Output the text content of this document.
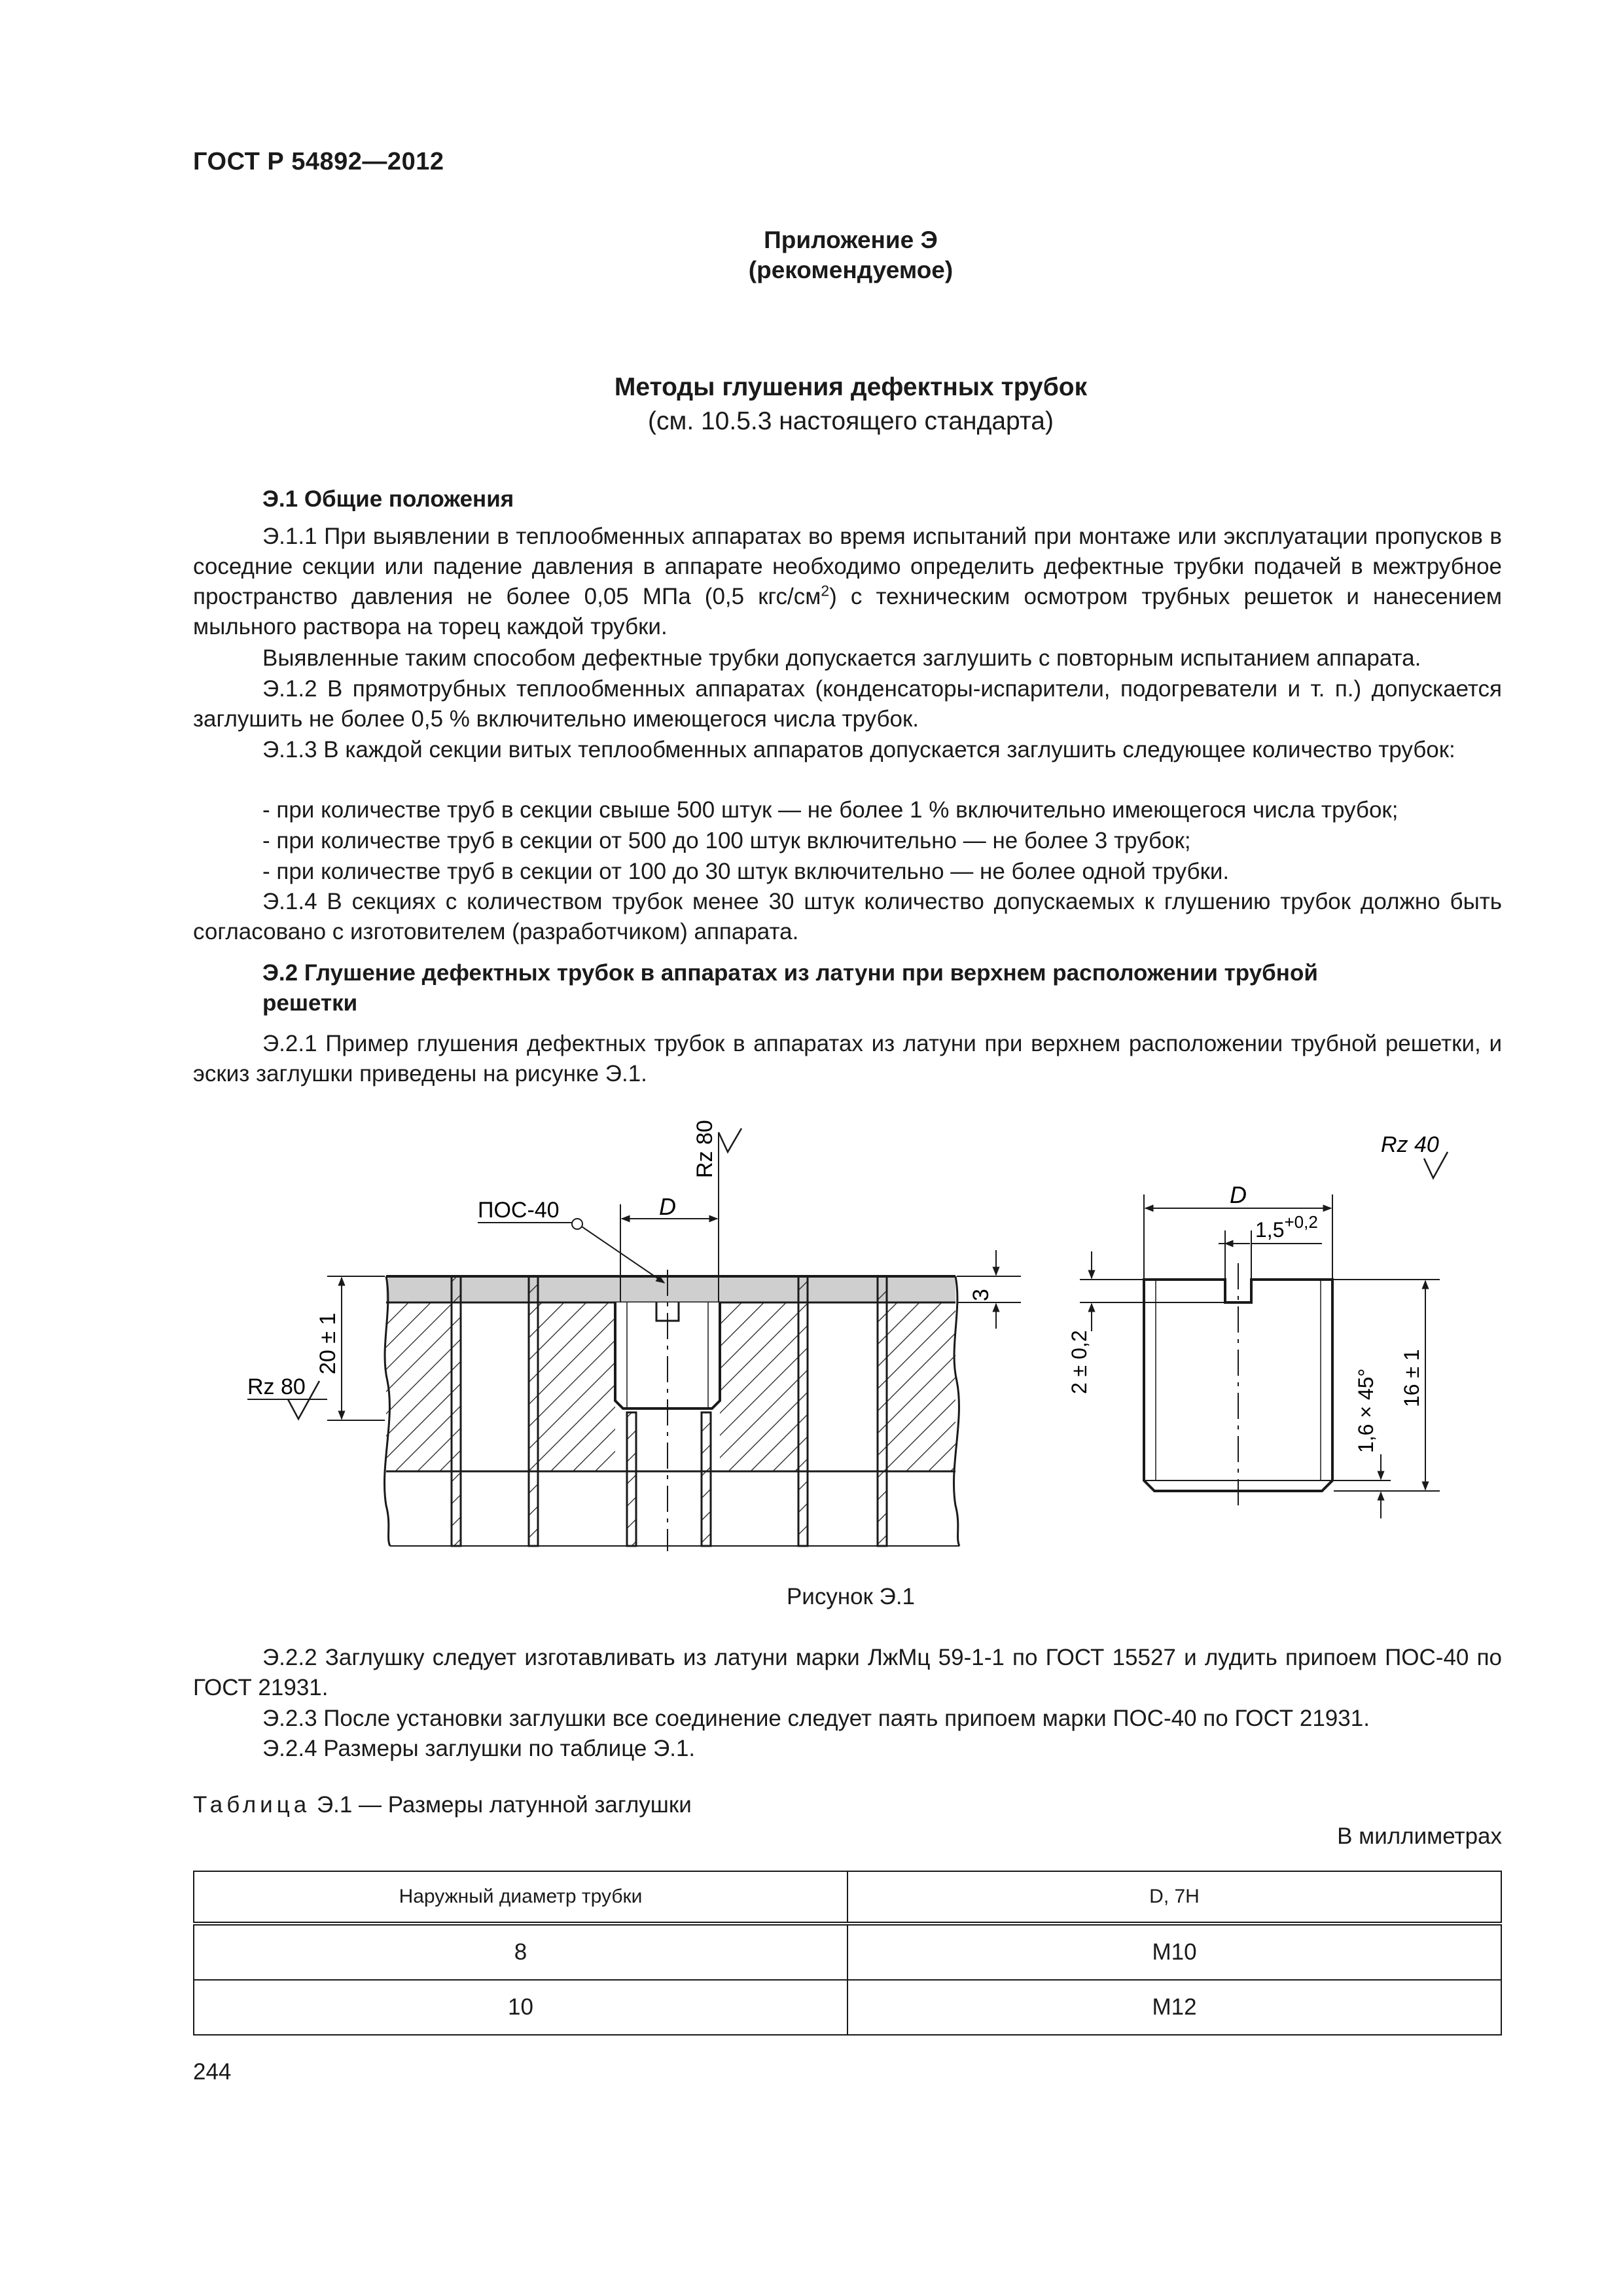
ГОСТ Р 54892—2012
Приложение Э
(рекомендуемое)
Методы глушения дефектных трубок
(см. 10.5.3 настоящего стандарта)
Э.1 Общие положения
Э.1.1 При выявлении в теплообменных аппаратах во время испытаний при монтаже или эксплуатации пропусков в соседние секции или падение давления в аппарате необходимо определить дефектные трубки подачей в межтрубное пространство давления не более 0,05 МПа (0,5 кгс/$см^2$) с техническим осмотром трубных решеток и нанесением мыльного раствора на торец каждой трубки.
Выявленные таким способом дефектные трубки допускается заглушить с повторным испытанием аппарата.
Э.1.2 В прямотрубных теплообменных аппаратах (конденсаторы-испарители, подогреватели и т. п.) допускается заглушить не более 0,5 % включительно имеющегося числа трубок.
Э.1.3 В каждой секции витых теплообменных аппаратов допускается заглушить следующее количество трубок:
- при количестве труб в секции свыше 500 штук — не более 1 % включительно имеющегося числа трубок;
- при количестве труб в секции от 500 до 100 штук включительно — не более 3 трубок;
- при количестве труб в секции от 100 до 30 штук включительно — не более одной трубки.
Э.1.4 В секциях с количеством трубок менее 30 штук количество допускаемых к глушению трубок должно быть согласовано с изготовителем (разработчиком) аппарата.
Э.2 Глушение дефектных трубок в аппаратах из латуни при верхнем расположении трубной
решетки
Э.2.1 Пример глушения дефектных трубок в аппаратах из латуни при верхнем расположении трубной решетки, и эскиз заглушки приведены на рисунке Э.1.
D
ПОС-40
Rz 80
20 ± 1
Rz 80
3
Rz 40
D
$1,5^{+0,2}$
2 ± 0,2
1,6 × 45° 16 ± 1
Рисунок Э.1
Э.2.2 Заглушку следует изготавливать из латуни марки ЛжМц 59-1-1 по ГОСТ 15527 и лудить припоем ПОС-40 по ГОСТ 21931.
Э.2.3 После установки заглушки все соединение следует паять припоем марки ПОС-40 по ГОСТ 21931.
Э.2.4 Размеры заглушки по таблице Э.1.
Таблица Э.1 — Размеры латунной заглушки
В миллиметрах
Наружный диаметр трубки	D, 7H
8	M10
10	M12
244
